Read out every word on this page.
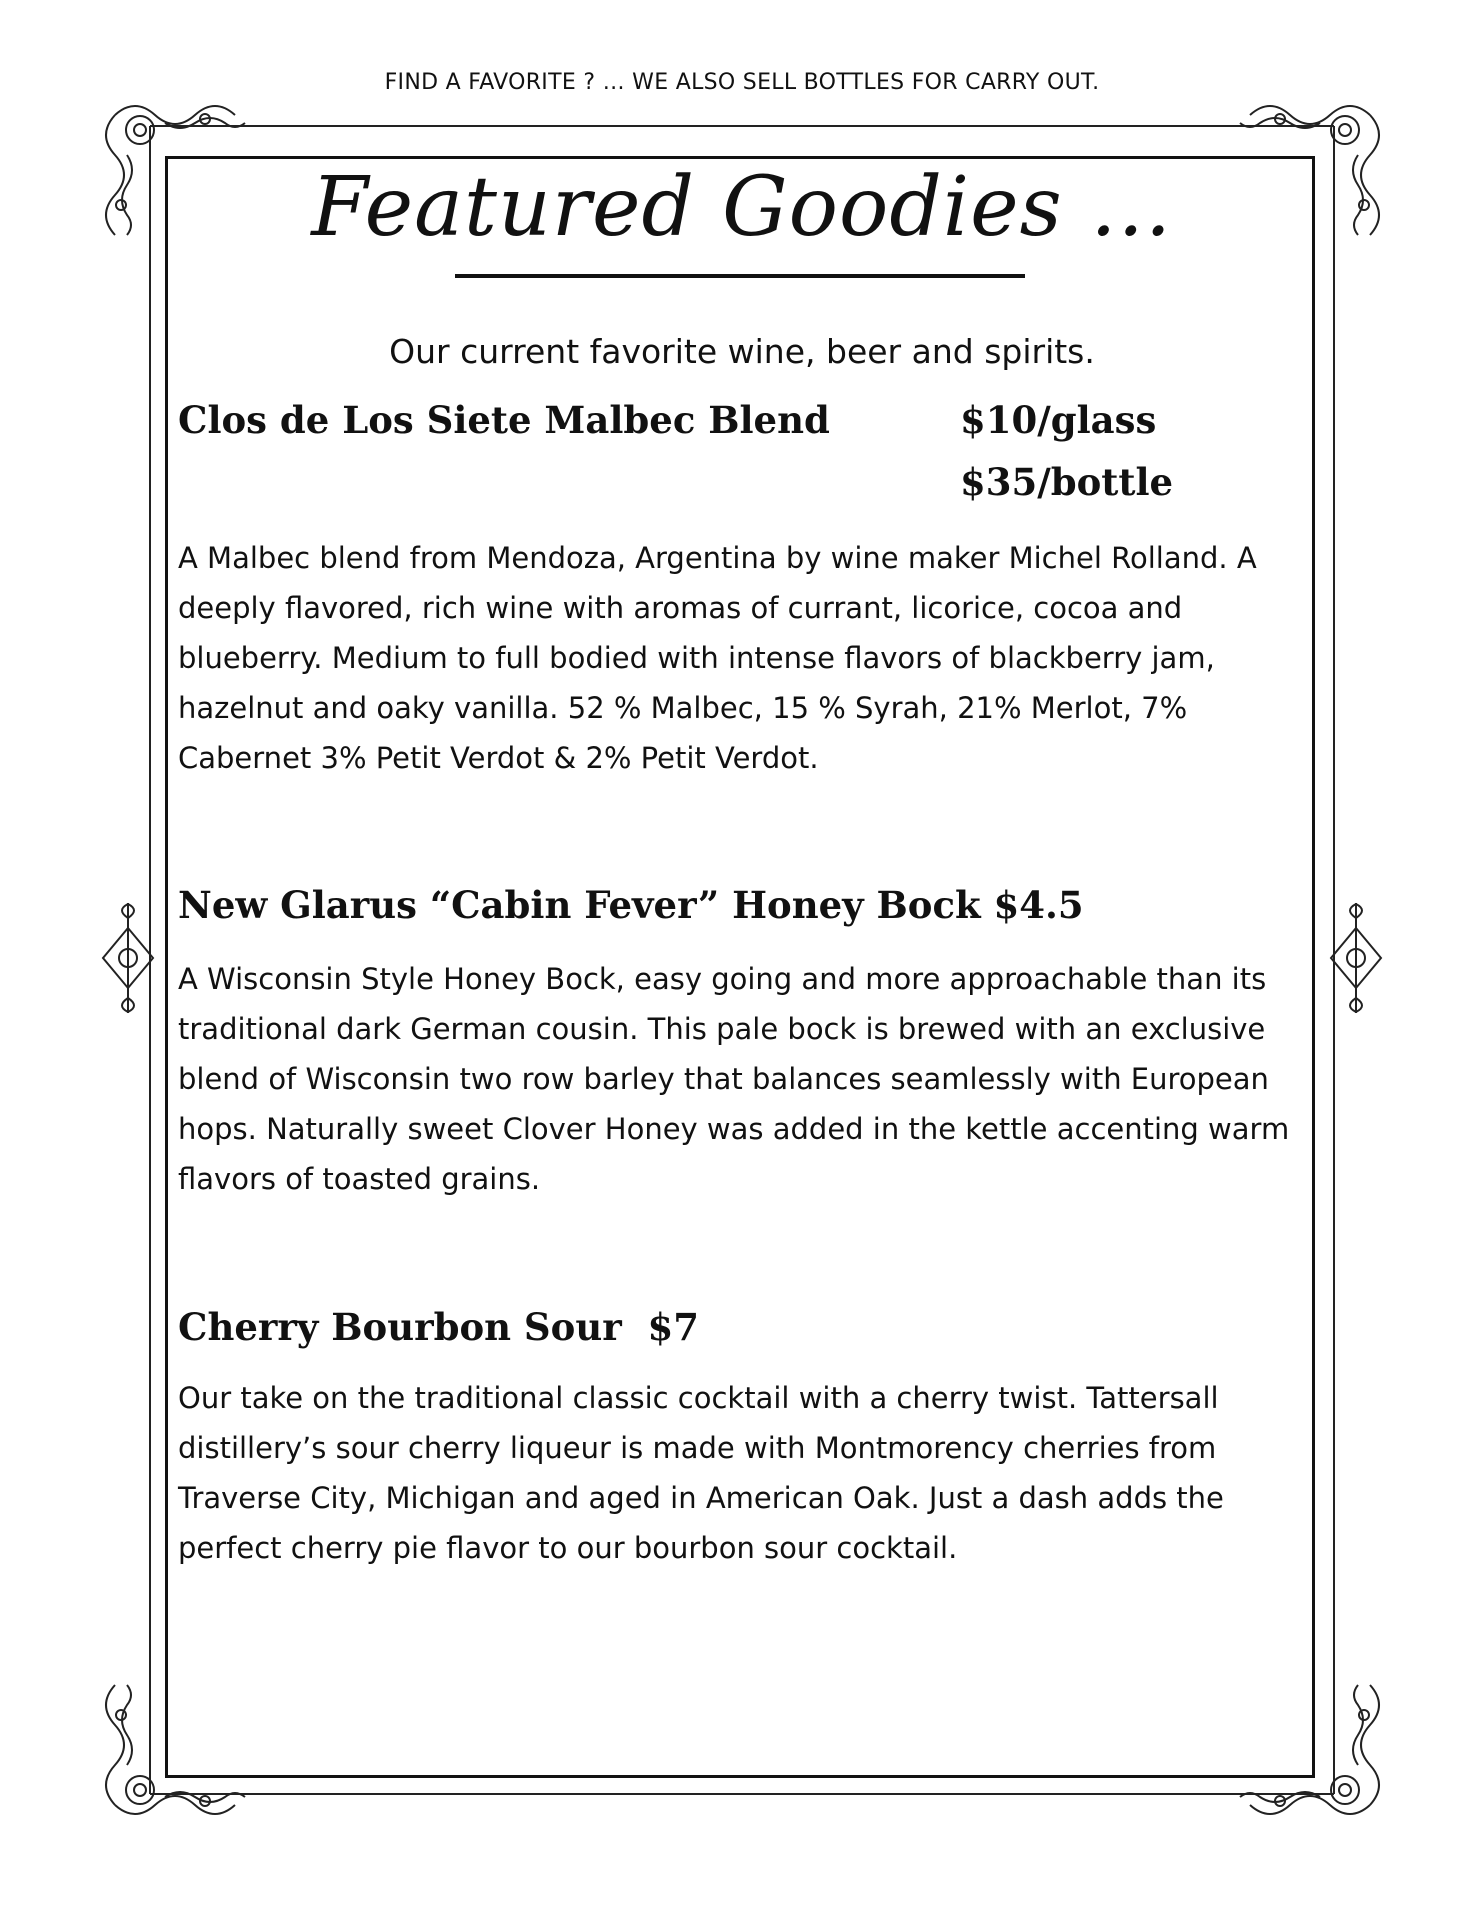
FIND A FAVORITE ? … WE ALSO SELL BOTTLES FOR CARRY OUT.
Featured Goodies …
Our current favorite wine, beer and spirits.
Clos de Los Siete Malbec Blend	$10/glass
$35/bottle
A Malbec blend from Mendoza, Argentina by wine maker Michel Rolland. A deeply flavored, rich wine with aromas of currant, licorice, cocoa and blueberry. Medium to full bodied with intense flavors of blackberry jam, hazelnut and oaky vanilla. 52 % Malbec, 15 % Syrah, 21% Merlot, 7% Cabernet 3% Petit Verdot & 2% Petit Verdot.
New Glarus “Cabin Fever” Honey Bock $4.5
A Wisconsin Style Honey Bock, easy going and more approachable than its traditional dark German cousin. This pale bock is brewed with an exclusive blend of Wisconsin two row barley that balances seamlessly with European hops. Naturally sweet Clover Honey was added in the kettle accenting warm flavors of toasted grains.
Cherry Bourbon Sour  $7
Our take on the traditional classic cocktail with a cherry twist. Tattersall distillery’s sour cherry liqueur is made with Montmorency cherries from Traverse City, Michigan and aged in American Oak. Just a dash adds the perfect cherry pie flavor to our bourbon sour cocktail.
